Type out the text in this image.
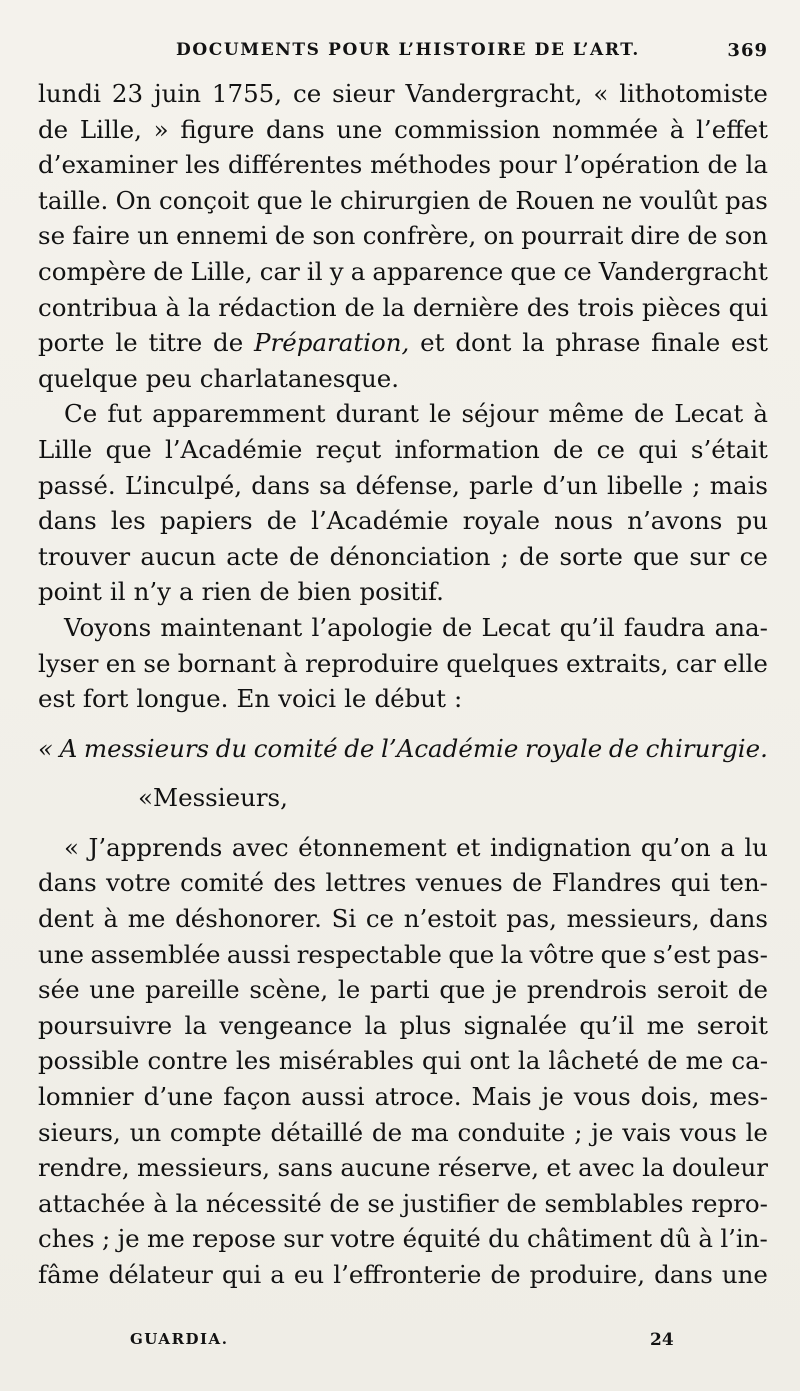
DOCUMENTS POUR L’HISTOIRE DE L’ART.	369
lundi 23 juin 1755, ce sieur Vandergracht, « lithotomiste
de Lille, » figure dans une commission nommée à l’effet
d’examiner les différentes méthodes pour l’opération de la
taille. On conçoit que le chirurgien de Rouen ne voulût pas
se faire un ennemi de son confrère, on pourrait dire de son
compère de Lille, car il y a apparence que ce Vandergracht
contribua à la rédaction de la dernière des trois pièces qui
porte le titre de Préparation, et dont la phrase finale est
quelque peu charlatanesque.
Ce fut apparemment durant le séjour même de Lecat à
Lille que l’Académie reçut information de ce qui s’était
passé. L’inculpé, dans sa défense, parle d’un libelle ; mais
dans les papiers de l’Académie royale nous n’avons pu
trouver aucun acte de dénonciation ; de sorte que sur ce
point il n’y a rien de bien positif.
Voyons maintenant l’apologie de Lecat qu’il faudra ana-
lyser en se bornant à reproduire quelques extraits, car elle
est fort longue. En voici le début :
« A messieurs du comité de l’Académie royale de chirurgie.
« Messieurs,
« J’apprends avec étonnement et indignation qu’on a lu
dans votre comité des lettres venues de Flandres qui ten-
dent à me déshonorer. Si ce n’estoit pas, messieurs, dans
une assemblée aussi respectable que la vôtre que s’est pas-
sée une pareille scène, le parti que je prendrois seroit de
poursuivre la vengeance la plus signalée qu’il me seroit
possible contre les misérables qui ont la lâcheté de me ca-
lomnier d’une façon aussi atroce. Mais je vous dois, mes-
sieurs, un compte détaillé de ma conduite ; je vais vous le
rendre, messieurs, sans aucune réserve, et avec la douleur
attachée à la nécessité de se justifier de semblables repro-
ches ; je me repose sur votre équité du châtiment dû à l’in-
fâme délateur qui a eu l’effronterie de produire, dans une
GUARDIA.	24
